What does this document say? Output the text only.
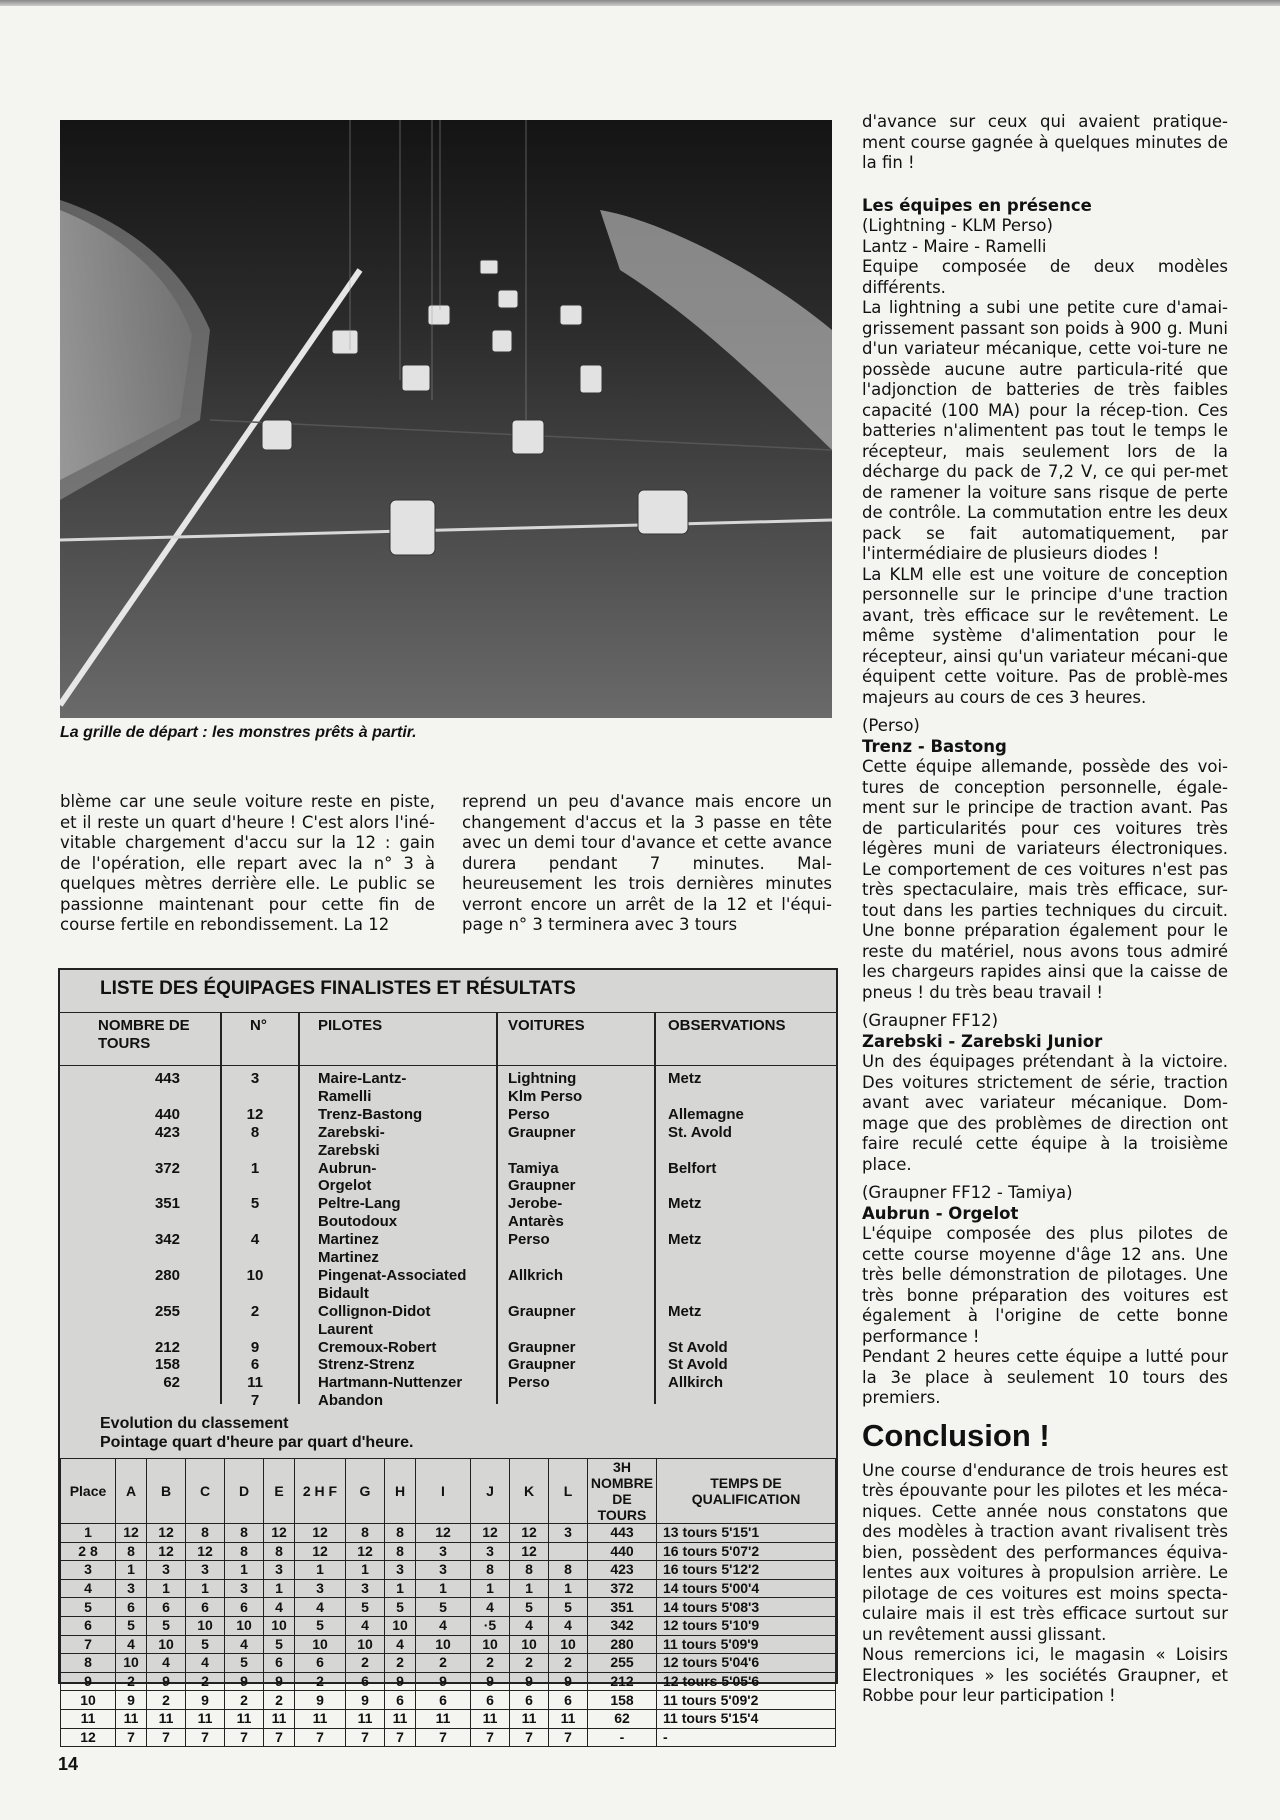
La grille de départ : les monstres prêts à partir.

blème car une seule voiture reste en piste, et il reste un quart d'heure ! C'est alors l'iné-vitable chargement d'accu sur la 12 : gain de l'opération, elle repart avec la n° 3 à quelques mètres derrière elle. Le public se passionne maintenant pour cette fin de course fertile en rebondissement. La 12

reprend un peu d'avance mais encore un changement d'accus et la 3 passe en tête avec un demi tour d'avance et cette avance durera pendant 7 minutes. Mal-heureusement les trois dernières minutes verront encore un arrêt de la 12 et l'équi-page n° 3 terminera avec 3 tours

d'avance sur ceux qui avaient pratique-ment course gagnée à quelques minutes de la fin !

Les équipes en présence

(Lightning - KLM Perso)

Lantz - Maire - Ramelli

Equipe composée de deux modèles différents.

La lightning a subi une petite cure d'amai-grissement passant son poids à 900 g. Muni d'un variateur mécanique, cette voi-ture ne possède aucune autre particula-rité que l'adjonction de batteries de très faibles capacité (100 MA) pour la récep-tion. Ces batteries n'alimentent pas tout le temps le récepteur, mais seulement lors de la décharge du pack de 7,2 V, ce qui per-met de ramener la voiture sans risque de perte de contrôle. La commutation entre les deux pack se fait automatiquement, par l'intermédiaire de plusieurs diodes !

La KLM elle est une voiture de conception personnelle sur le principe d'une traction avant, très efficace sur le revêtement. Le même système d'alimentation pour le récepteur, ainsi qu'un variateur mécani-que équipent cette voiture. Pas de problè-mes majeurs au cours de ces 3 heures.

(Perso)

Trenz - Bastong

Cette équipe allemande, possède des voi-tures de conception personnelle, égale-ment sur le principe de traction avant. Pas de particularités pour ces voitures très légères muni de variateurs électroniques. Le comportement de ces voitures n'est pas très spectaculaire, mais très efficace, sur-tout dans les parties techniques du circuit. Une bonne préparation également pour le reste du matériel, nous avons tous admiré les chargeurs rapides ainsi que la caisse de pneus ! du très beau travail !

(Graupner FF12)

Zarebski - Zarebski Junior

Un des équipages prétendant à la victoire. Des voitures strictement de série, traction avant avec variateur mécanique. Dom-mage que des problèmes de direction ont faire reculé cette équipe à la troisième place.

(Graupner FF12 - Tamiya)

Aubrun - Orgelot

L'équipe composée des plus pilotes de cette course moyenne d'âge 12 ans. Une très belle démonstration de pilotages. Une très bonne préparation des voitures est également à l'origine de cette bonne performance !

Pendant 2 heures cette équipe a lutté pour la 3e place à seulement 10 tours des premiers.

Conclusion !

Une course d'endurance de trois heures est très épouvante pour les pilotes et les méca-niques. Cette année nous constatons que des modèles à traction avant rivalisent très bien, possèdent des performances équiva-lentes aux voitures à propulsion arrière. Le pilotage de ces voitures est moins specta-culaire mais il est très efficace surtout sur un revêtement aussi glissant.

Nous remercions ici, le magasin « Loisirs Electroniques » les sociétés Graupner, et Robbe pour leur participation !

LISTE DES ÉQUIPAGES FINALISTES ET RÉSULTATS
NOMBRE DE TOURS
N°	PILOTES	VOITURES	OBSERVATIONS
443	3	Maire-Lantz-	Lightning	Metz
Ramelli	Klm Perso
440	12	Trenz-Bastong	Perso	Allemagne
423	8	Zarebski-	Graupner	St. Avold
Zarebski
372	1	Aubrun-	Tamiya	Belfort
Orgelot	Graupner
351	5	Peltre-Lang	Jerobe-	Metz
Boutodoux	Antarès
342	4	Martinez	Perso	Metz
Martinez
280	10	Pingenat-Associated	Allkrich
Bidault
255	2	Collignon-Didot	Graupner	Metz
Laurent
212	9	Cremoux-Robert	Graupner	St Avold
158	6	Strenz-Strenz	Graupner	St Avold
62	11	Hartmann-Nuttenzer	Perso	Allkirch
7	Abandon
Evolution du classement
Pointage quart d'heure par quart d'heure.
Place	A	B	C	D	E	2 H F	G	H	I	J	K	L	3H NOMBRE DE TOURS	TEMPS DE QUALIFICATION
1	12	12	8	8	12	12	8	8	12	12	12	3	443	13 tours 5'15'1
2 8	8	12	12	8	8	12	12	8	3	3	12		440	16 tours 5'07'2
3	1	3	3	1	3	1	1	3	3	8	8	8	423	16 tours 5'12'2
4	3	1	1	3	1	3	3	1	1	1	1	1	372	14 tours 5'00'4
5	6	6	6	6	4	4	5	5	5	4	5	5	351	14 tours 5'08'3
6	5	5	10	10	10	5	4	10	4	·5	4	4	342	12 tours 5'10'9
7	4	10	5	4	5	10	10	4	10	10	10	10	280	11 tours 5'09'9
8	10	4	4	5	6	6	2	2	2	2	2	2	255	12 tours 5'04'6
9	2	9	2	9	9	2	6	9	9	9	9	9	212	12 tours 5'05'6
10	9	2	9	2	2	9	9	6	6	6	6	6	158	11 tours 5'09'2
11	11	11	11	11	11	11	11	11	11	11	11	11	62	11 tours 5'15'4
12	7	7	7	7	7	7	7	7	7	7	7	7	-	-
14
